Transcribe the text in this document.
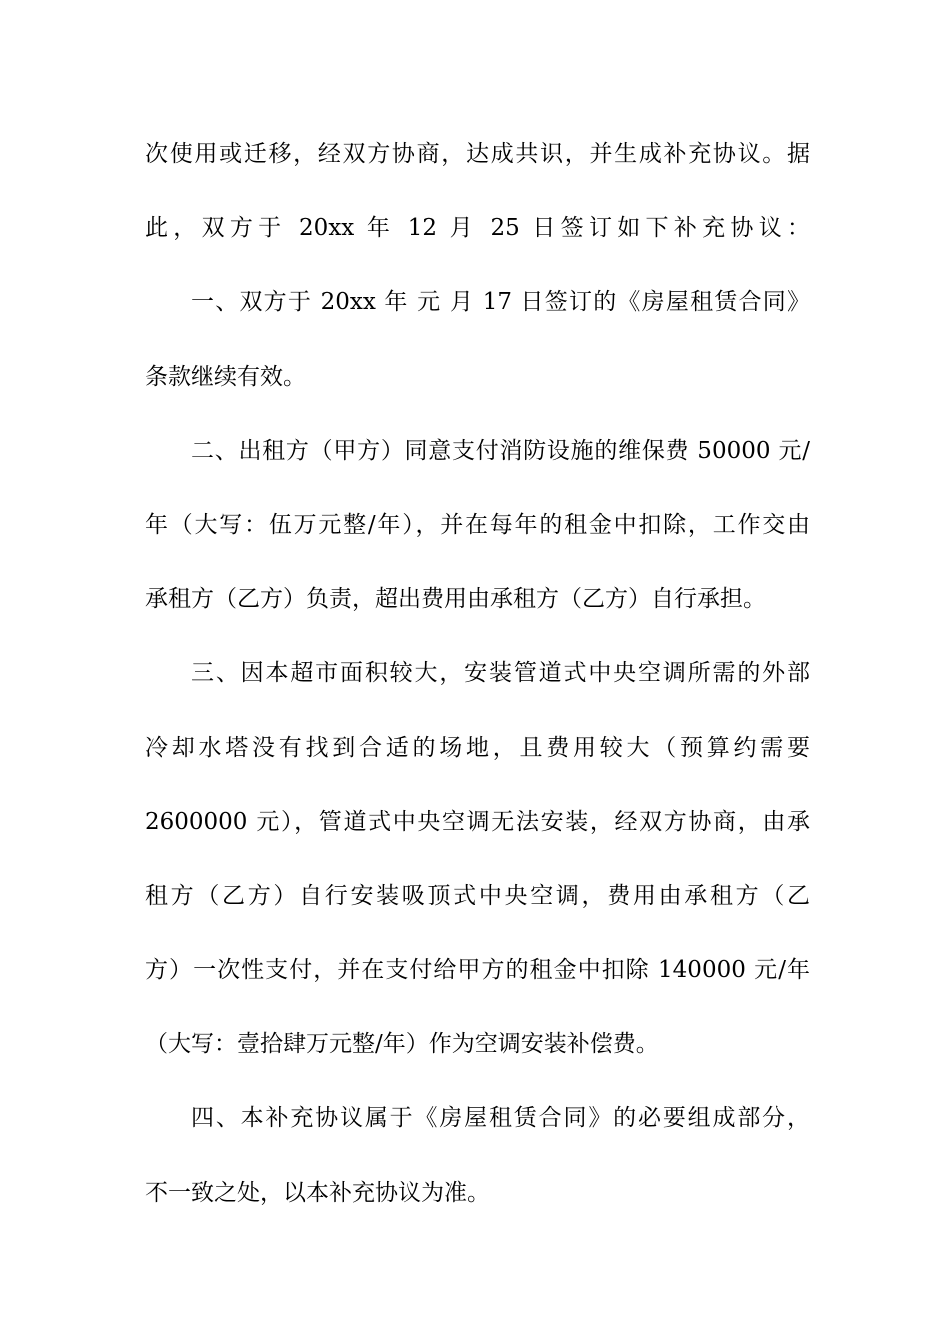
次使用或迁移，经双方协商，达成共识，并生成补充协议。据
此，双方于 20xx 年 12 月 25 日签订如下补充协议：
一、双方于 20xx 年 元 月 17 日签订的《房屋租赁合同》
条款继续有效。
二、出租方（甲方）同意支付消防设施的维保费 50000 元/
年（大写：伍万元整/年），并在每年的租金中扣除，工作交由
承租方（乙方）负责，超出费用由承租方（乙方）自行承担。
三、因本超市面积较大，安装管道式中央空调所需的外部
冷却水塔没有找到合适的场地，且费用较大（预算约需要
2600000 元），管道式中央空调无法安装，经双方协商，由承
租方（乙方）自行安装吸顶式中央空调，费用由承租方（乙
方）一次性支付，并在支付给甲方的租金中扣除 140000 元/年
（大写：壹拾肆万元整/年）作为空调安装补偿费。
四、本补充协议属于《房屋租赁合同》的必要组成部分，
不一致之处，以本补充协议为准。
